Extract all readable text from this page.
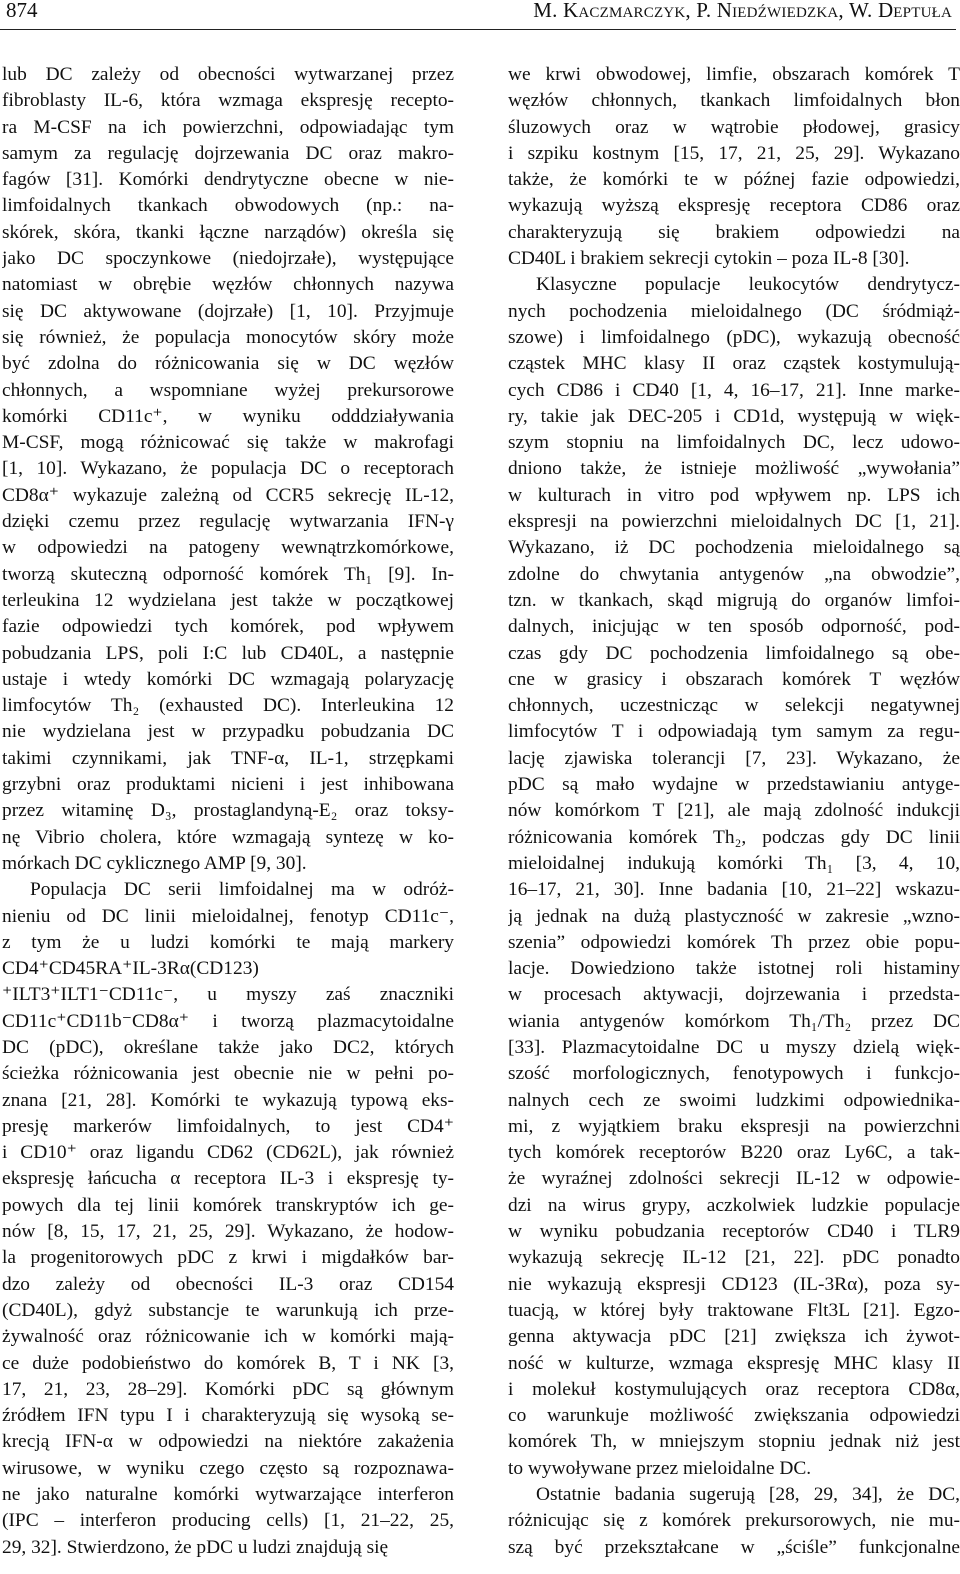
874	M. Kaczmarczyk, P. Niedźwiedzka, W. Deptuła
lub DC zależy od obecności wytwarzanej przez
fibroblasty IL-6, która wzmaga ekspresję recepto-
ra M-CSF na ich powierzchni, odpowiadając tym
samym za regulację dojrzewania DC oraz makro-
fagów [31]. Komórki dendrytyczne obecne w nie-
limfoidalnych tkankach obwodowych (np.: na-
skórek, skóra, tkanki łączne narządów) określa się
jako DC spoczynkowe (niedojrzałe), występujące
natomiast w obrębie węzłów chłonnych nazywa
się DC aktywowane (dojrzałe) [1, 10]. Przyjmuje
się również, że populacja monocytów skóry może
być zdolna do różnicowania się w DC węzłów
chłonnych, a wspomniane wyżej prekursorowe
komórki CD11c⁺, w wyniku odddziaływania
M-CSF, mogą różnicować się także w makrofagi
[1, 10]. Wykazano, że populacja DC o receptorach
CD8α⁺ wykazuje zależną od CCR5 sekrecję IL-12,
dzięki czemu przez regulację wytwarzania IFN-γ
w odpowiedzi na patogeny wewnątrzkomórkowe,
tworzą skuteczną odporność komórek Th₁ [9]. In-
terleukina 12 wydzielana jest także w początkowej
fazie odpowiedzi tych komórek, pod wpływem
pobudzania LPS, poli I:C lub CD40L, a następnie
ustaje i wtedy komórki DC wzmagają polaryzację
limfocytów Th₂ (exhausted DC). Interleukina 12
nie wydzielana jest w przypadku pobudzania DC
takimi czynnikami, jak TNF-α, IL-1, strzępkami
grzybni oraz produktami nicieni i jest inhibowana
przez witaminę D₃, prostaglandyną-E₂ oraz toksy-
nę Vibrio cholera, które wzmagają syntezę w ko-
mórkach DC cyklicznego AMP [9, 30].
Populacja DC serii limfoidalnej ma w odróż-
nieniu od DC linii mieloidalnej, fenotyp CD11c⁻,
z tym że u ludzi komórki te mają markery
CD4⁺CD45RA⁺IL-3Rα(CD123)
⁺ILT3⁺ILT1⁻CD11c⁻, u myszy zaś znaczniki
CD11c⁺CD11b⁻CD8α⁺ i tworzą plazmacytoidalne
DC (pDC), określane także jako DC2, których
ścieżka różnicowania jest obecnie nie w pełni po-
znana [21, 28]. Komórki te wykazują typową eks-
presję markerów limfoidalnych, to jest CD4⁺
i CD10⁺ oraz ligandu CD62 (CD62L), jak również
ekspresję łańcucha α receptora IL-3 i ekspresję ty-
powych dla tej linii komórek transkryptów ich ge-
nów [8, 15, 17, 21, 25, 29]. Wykazano, że hodow-
la progenitorowych pDC z krwi i migdałków bar-
dzo zależy od obecności IL-3 oraz CD154
(CD40L), gdyż substancje te warunkują ich prze-
żywalność oraz różnicowanie ich w komórki mają-
ce duże podobieństwo do komórek B, T i NK [3,
17, 21, 23, 28–29]. Komórki pDC są głównym
źródłem IFN typu I i charakteryzują się wysoką se-
krecją IFN-α w odpowiedzi na niektóre zakażenia
wirusowe, w wyniku czego często są rozpoznawa-
ne jako naturalne komórki wytwarzające interferon
(IPC – interferon producing cells) [1, 21–22, 25,
29, 32]. Stwierdzono, że pDC u ludzi znajdują się
we krwi obwodowej, limfie, obszarach komórek T
węzłów chłonnych, tkankach limfoidalnych błon
śluzowych oraz w wątrobie płodowej, grasicy
i szpiku kostnym [15, 17, 21, 25, 29]. Wykazano
także, że komórki te w późnej fazie odpowiedzi,
wykazują wyższą ekspresję receptora CD86 oraz
charakteryzują się brakiem odpowiedzi na
CD40L i brakiem sekrecji cytokin – poza IL-8 [30].
Klasyczne populacje leukocytów dendrytycz-
nych pochodzenia mieloidalnego (DC śródmiąż-
szowe) i limfoidalnego (pDC), wykazują obecność
cząstek MHC klasy II oraz cząstek kostymulują-
cych CD86 i CD40 [1, 4, 16–17, 21]. Inne marke-
ry, takie jak DEC-205 i CD1d, występują w więk-
szym stopniu na limfoidalnych DC, lecz udowo-
dniono także, że istnieje możliwość „wywołania”
w kulturach in vitro pod wpływem np. LPS ich
ekspresji na powierzchni mieloidalnych DC [1, 21].
Wykazano, iż DC pochodzenia mieloidalnego są
zdolne do chwytania antygenów „na obwodzie”,
tzn. w tkankach, skąd migrują do organów limfoi-
dalnych, inicjując w ten sposób odporność, pod-
czas gdy DC pochodzenia limfoidalnego są obe-
cne w grasicy i obszarach komórek T węzłów
chłonnych, uczestnicząc w selekcji negatywnej
limfocytów T i odpowiadają tym samym za regu-
lację zjawiska tolerancji [7, 23]. Wykazano, że
pDC są mało wydajne w przedstawianiu antyge-
nów komórkom T [21], ale mają zdolność indukcji
różnicowania komórek Th₂, podczas gdy DC linii
mieloidalnej indukują komórki Th₁ [3, 4, 10,
16–17, 21, 30]. Inne badania [10, 21–22] wskazu-
ją jednak na dużą plastyczność w zakresie „wzno-
szenia” odpowiedzi komórek Th przez obie popu-
lacje. Dowiedziono także istotnej roli histaminy
w procesach aktywacji, dojrzewania i przedsta-
wiania antygenów komórkom Th₁/Th₂ przez DC
[33]. Plazmacytoidalne DC u myszy dzielą więk-
szość morfologicznych, fenotypowych i funkcjo-
nalnych cech ze swoimi ludzkimi odpowiednika-
mi, z wyjątkiem braku ekspresji na powierzchni
tych komórek receptorów B220 oraz Ly6C, a tak-
że wyraźnej zdolności sekrecji IL-12 w odpowie-
dzi na wirus grypy, aczkolwiek ludzkie populacje
w wyniku pobudzania receptorów CD40 i TLR9
wykazują sekrecję IL-12 [21, 22]. pDC ponadto
nie wykazują ekspresji CD123 (IL-3Rα), poza sy-
tuacją, w której były traktowane Flt3L [21]. Egzo-
genna aktywacja pDC [21] zwiększa ich żywot-
ność w kulturze, wzmaga ekspresję MHC klasy II
i molekuł kostymulujących oraz receptora CD8α,
co warunkuje możliwość zwiększania odpowiedzi
komórek Th, w mniejszym stopniu jednak niż jest
to wywoływane przez mieloidalne DC.
Ostatnie badania sugerują [28, 29, 34], że DC,
różnicując się z komórek prekursorowych, nie mu-
szą być przekształcane w „ściśle” funkcjonalne
